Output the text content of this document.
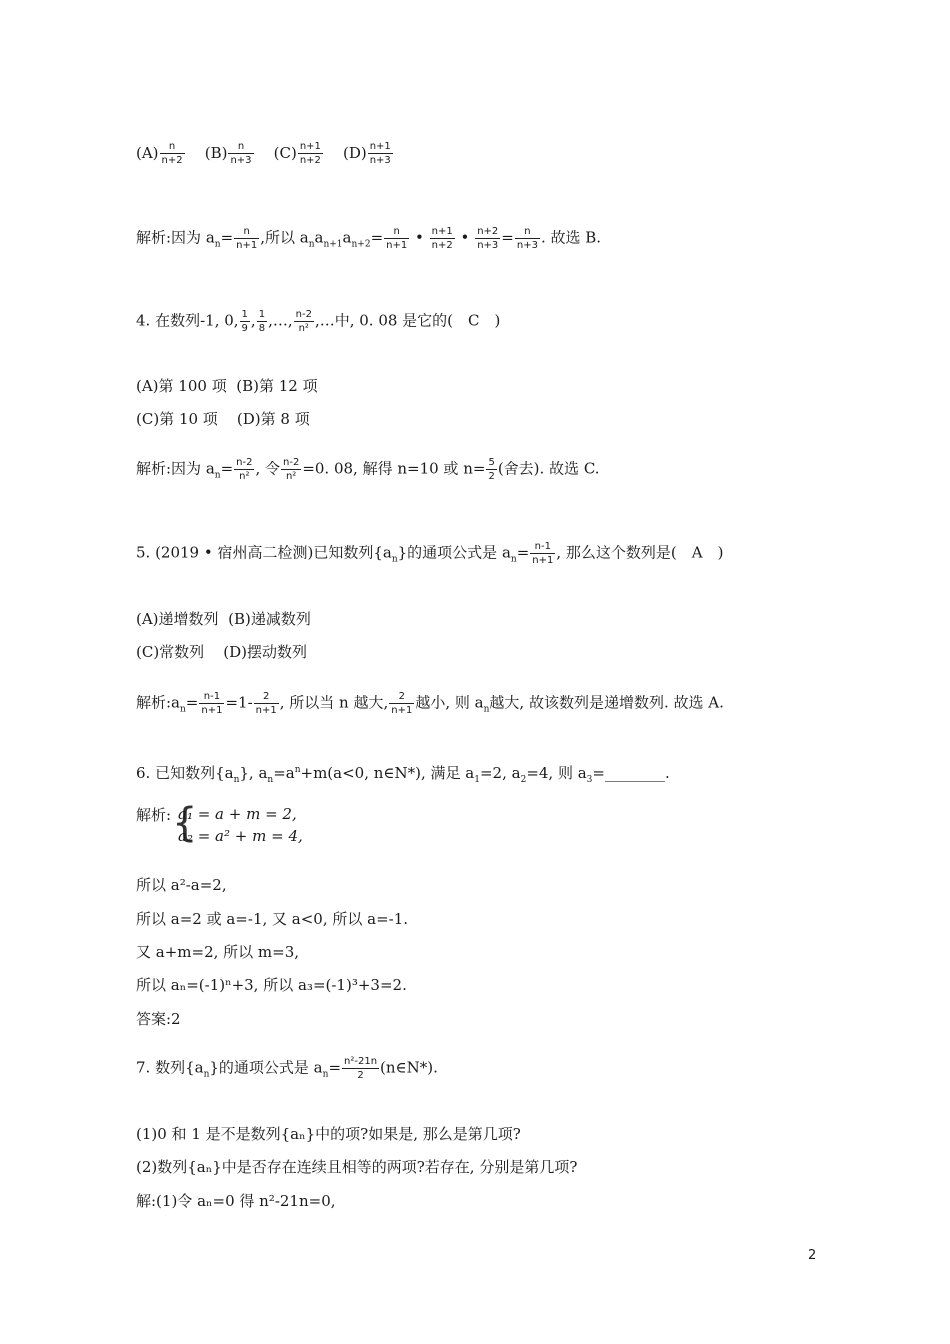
$(A) \frac{n}{n+2} (B) \frac{n}{n+3} (C) \frac{n+1}{n+2} (D) \frac{n+1}{n+3}$
解析:因为 $a_n= \frac{n}{n+1}$ ,所以 $a_na_{n+1}a_{n+2}= \frac{n}{n+1}$ • $\frac{n+1}{n+2}$ • $\frac{n+2}{n+3} = \frac{n}{n+3}$ . 故选 B.
4. 在数列-1, 0, $\frac{1}{9}$ , $\frac{1}{8}$ ,…, $\frac{n-2}{\text{n²}}$ ,…中, 0. 08 是它的(　C　)
(A)第 100 项 (B)第 12 项
(C)第 10 项 (D)第 8 项
解析:因为 $a_n= \frac{n-2}{\text{n²}}$ , 令 $\frac{n-2}{\text{n²}} =0$. 08, 解得 n=10 或 $n= \frac{5}{2}$ (舍去). 故选 C.
5. (2019 • 宿州高二检测)已知数列$\{a_n\}$的通项公式是 $a_n= \frac{n-1}{n+1}$ , 那么这个数列是(　A　)
(A)递增数列 (B)递减数列
(C)常数列 (D)摆动数列
解析$:a_n= \frac{n-1}{n+1} =1- \frac{2}{n+1}$ , 所以当 n 越大, $\frac{2}{n+1}$ 越小, 则 $a_n$越大, 故该数列是递增数列. 故选 A.
6. 已知数列$\{a_n\}$, $a_n=a^n+m(a<0$, n∈N*), 满足 $a_1=2$, $a_2=4$, 则 $a_3=\_\_\_\_\_\_\_\_$.
解析: {
a₁ = a + m = 2,
a₂ = a² + m = 4,
所以 a²-a=2,
所以 a=2 或 a=-1, 又 a<0, 所以 a=-1.
又 a+m=2, 所以 m=3,
所以 aₙ=(-1)ⁿ+3, 所以 a₃=(-1)³+3=2.
答案:2
7. 数列$\{a_n\}$的通项公式是 $a_n= \frac{\text{n²-21n}}{2}$ (n∈N*).
(1)0 和 1 是不是数列{aₙ}中的项?如果是, 那么是第几项?
(2)数列{aₙ}中是否存在连续且相等的两项?若存在, 分别是第几项?
解:(1)令 aₙ=0 得 n²-21n=0,
2
